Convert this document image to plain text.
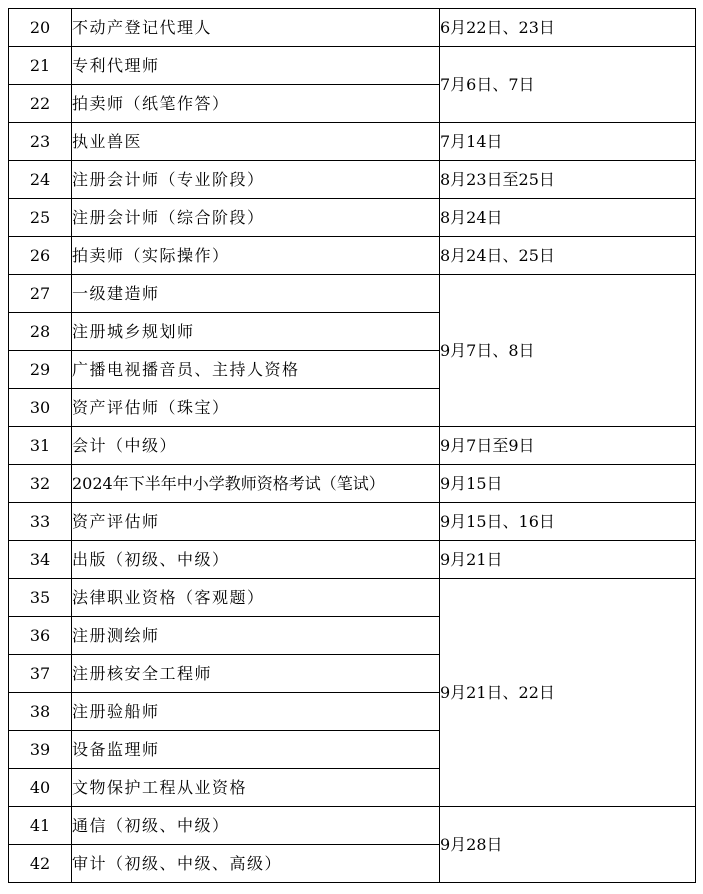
20	不动产登记代理人	6月22日、23日
21	专利代理师	7月6日、7日
22	拍卖师（纸笔作答）	
23	执业兽医	7月14日
24	注册会计师（专业阶段）	8月23日至25日
25	注册会计师（综合阶段）	8月24日
26	拍卖师（实际操作）	8月24日、25日
27	一级建造师	9月7日、8日
28	注册城乡规划师	
29	广播电视播音员、主持人资格	
30	资产评估师（珠宝）	
31	会计（中级）	9月7日至9日
32	2024年下半年中小学教师资格考试（笔试）	9月15日
33	资产评估师	9月15日、16日
34	出版（初级、中级）	9月21日
35	法律职业资格（客观题）	9月21日、22日
36	注册测绘师	
37	注册核安全工程师	
38	注册验船师	
39	设备监理师	
40	文物保护工程从业资格	
41	通信（初级、中级）	9月28日
42	审计（初级、中级、高级）	
